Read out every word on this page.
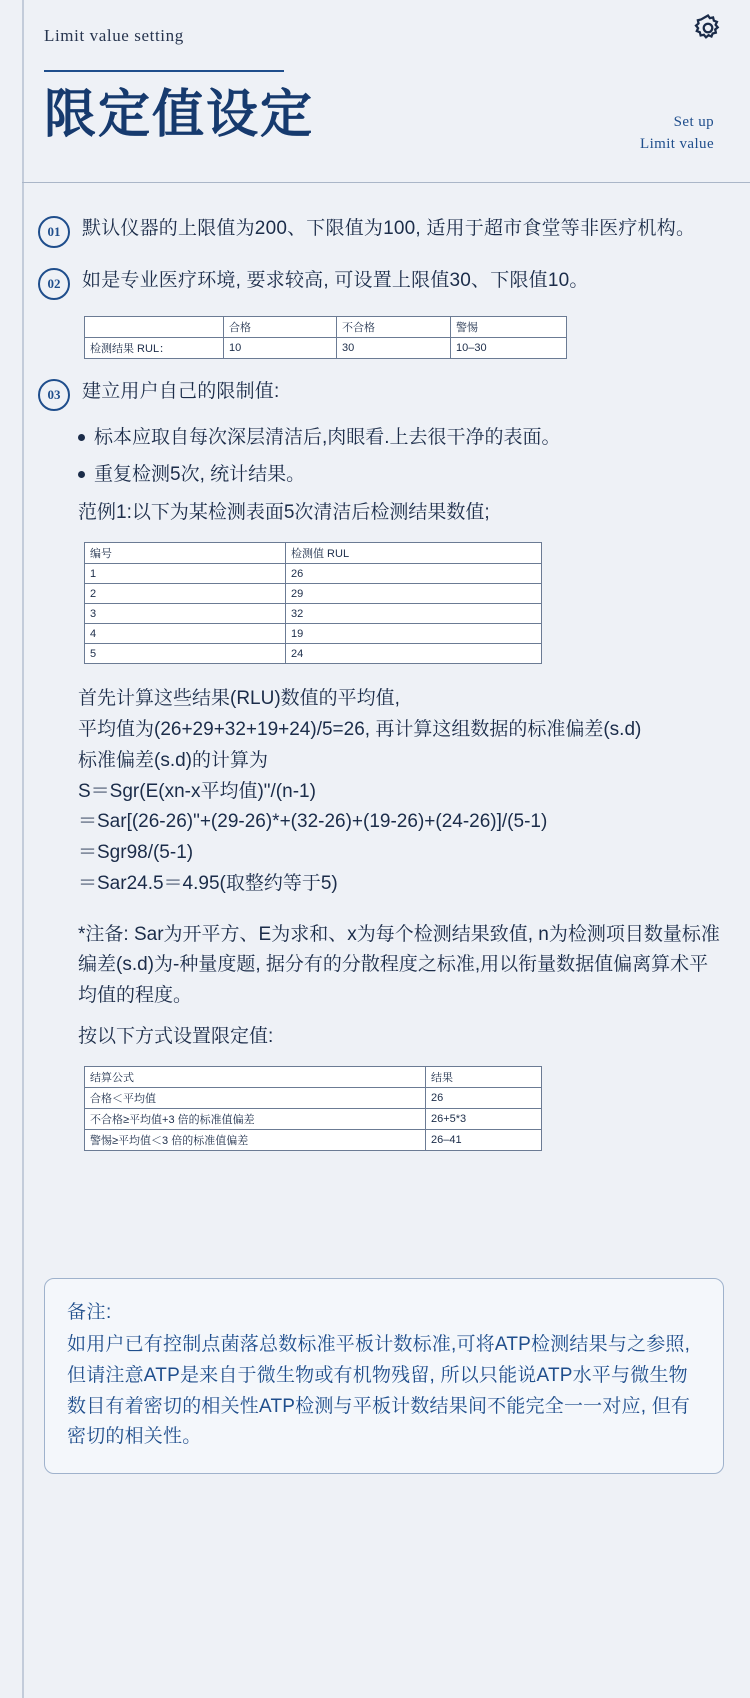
Limit value setting
限定值设定	Set up
Limit value
01	默认仪器的上限值为200、下限值为100, 适用于超市食堂等非医疗机构。
02	如是专业医疗环境, 要求较高, 可设置上限值30、下限值10。
	合格	不合格	警惕
检测结果 RUL：	10	30	10–30
03	建立用户自己的限制值:
标本应取自每次深层清洁后,肉眼看.上去很干净的表面。
重复检测5次, 统计结果。
范例1:以下为某检测表面5次清洁后检测结果数值;
编号	检测值 RUL
1	26
2	29
3	32
4	19
5	24
首先计算这些结果(RLU)数值的平均值,
平均值为(26+29+32+19+24)/5=26, 再计算这组数据的标准偏差(s.d)
标准偏差(s.d)的计算为
S＝Sgr(E(xn-x平均值)"/(n-1)
＝Sar[(26-26)"+(29-26)*+(32-26)+(19-26)+(24-26)]/(5-1)
＝Sgr98/(5-1)
＝Sar24.5＝4.95(取整约等于5)
*注备: Sar为开平方、E为求和、x为每个检测结果致值, n为检测项目数量标准编差(s.d)为-种量度题, 据分有的分散程度之标准,用以衔量数据值偏离算术平均值的程度。
按以下方式设置限定值:
结算公式	结果
合格＜平均值	26
不合格≥平均值+3 倍的标准值偏差	26+5*3
警惕≥平均值＜3 倍的标准值偏差	26–41
备注:
如用户已有控制点菌落总数标准平板计数标准,可将ATP检测结果与之参照, 但请注意ATP是来自于微生物或有机物残留, 所以只能说ATP水平与微生物数目有着密切的相关性ATP检测与平板计数结果间不能完全一一对应, 但有密切的相关性。
